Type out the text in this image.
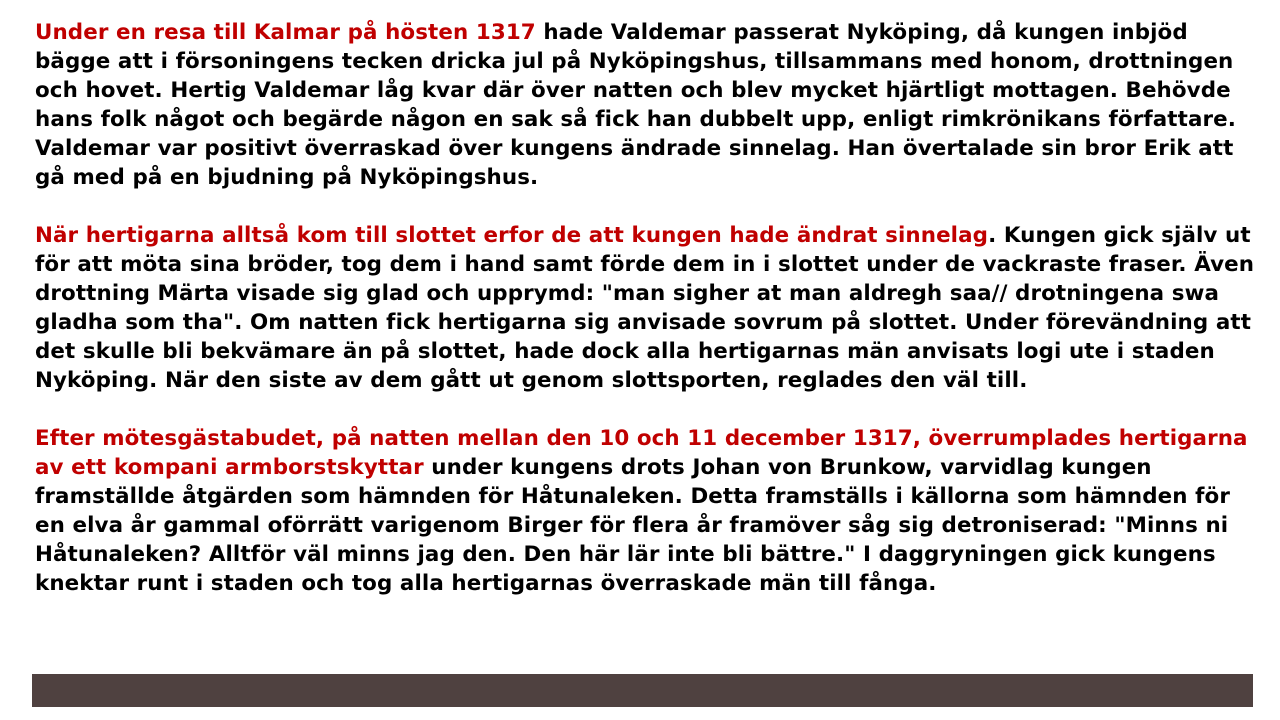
Under en resa till Kalmar på hösten 1317 hade Valdemar passerat Nyköping, då kungen inbjöd bägge att i försoningens tecken dricka jul på Nyköpingshus, tillsammans med honom, drottningen och hovet. Hertig Valdemar låg kvar där över natten och blev mycket hjärtligt mottagen. Behövde hans folk något och begärde någon en sak så fick han dubbelt upp, enligt rimkrönikans författare. Valdemar var positivt överraskad över kungens ändrade sinnelag. Han övertalade sin bror Erik att gå med på en bjudning på Nyköpingshus.

När hertigarna alltså kom till slottet erfor de att kungen hade ändrat sinnelag. Kungen gick själv ut för att möta sina bröder, tog dem i hand samt förde dem in i slottet under de vackraste fraser. Även drottning Märta visade sig glad och upprymd: "man sigher at man aldregh saa// drotningena swa gladha som tha". Om natten fick hertigarna sig anvisade sovrum på slottet. Under förevändning att det skulle bli bekvämare än på slottet, hade dock alla hertigarnas män anvisats logi ute i staden Nyköping. När den siste av dem gått ut genom slottsporten, reglades den väl till.

Efter mötesgästabudet, på natten mellan den 10 och 11 december 1317, överrumplades hertigarna av ett kompani armborstskyttar under kungens drots Johan von Brunkow, varvidlag kungen framställde åtgärden som hämnden för Håtunaleken. Detta framställs i källorna som hämnden för en elva år gammal oförrätt varigenom Birger för flera år framöver såg sig detroniserad: "Minns ni Håtunaleken? Alltför väl minns jag den. Den här lär inte bli bättre." I daggryningen gick kungens knektar runt i staden och tog alla hertigarnas överraskade män till fånga.
